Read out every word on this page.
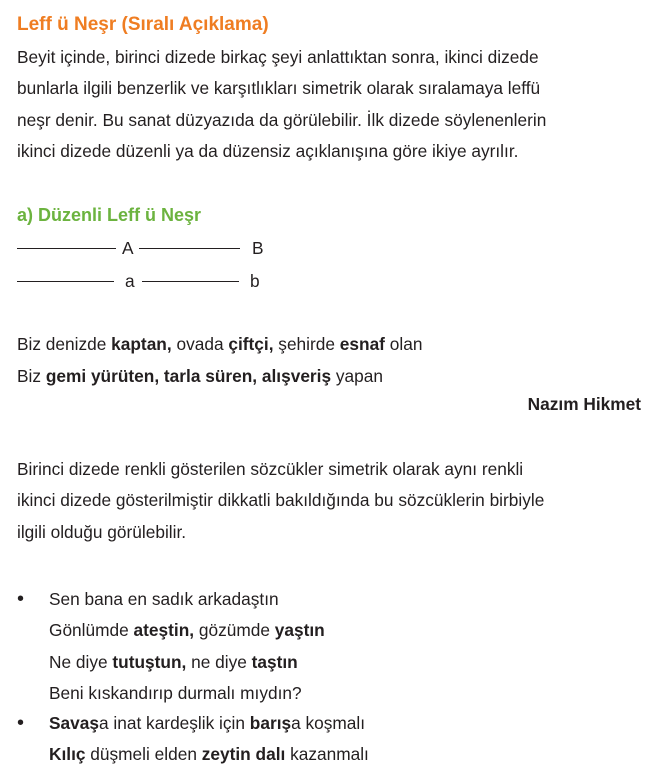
Leff ü Neşr (Sıralı Açıklama)
Beyit içinde, birinci dizede birkaç şeyi anlattıktan sonra, ikinci dizede
bunlarla ilgili benzerlik ve karşıtlıkları simetrik olarak sıralamaya leffü
neşr denir. Bu sanat düzyazıda da görülebilir. İlk dizede söylenenlerin
ikinci dizede düzenli ya da düzensiz açıklanışına göre ikiye ayrılır.
a) Düzenli Leff ü Neşr
A	B
a	b
Biz denizde kaptan, ovada çiftçi, şehirde esnaf olan
Biz gemi yürüten, tarla süren, alışveriş yapan
Nazım Hikmet
Birinci dizede renkli gösterilen sözcükler simetrik olarak aynı renkli
ikinci dizede gösterilmiştir dikkatli bakıldığında bu sözcüklerin birbiyle
ilgili olduğu görülebilir.
• Sen bana en sadık arkadaştın
Gönlümde ateştin, gözümde yaştın
Ne diye tutuştun, ne diye taştın
Beni kıskandırıp durmalı mıydın?
• Savaşa inat kardeşlik için barışa koşmalı
Kılıç düşmeli elden zeytin dalı kazanmalı
